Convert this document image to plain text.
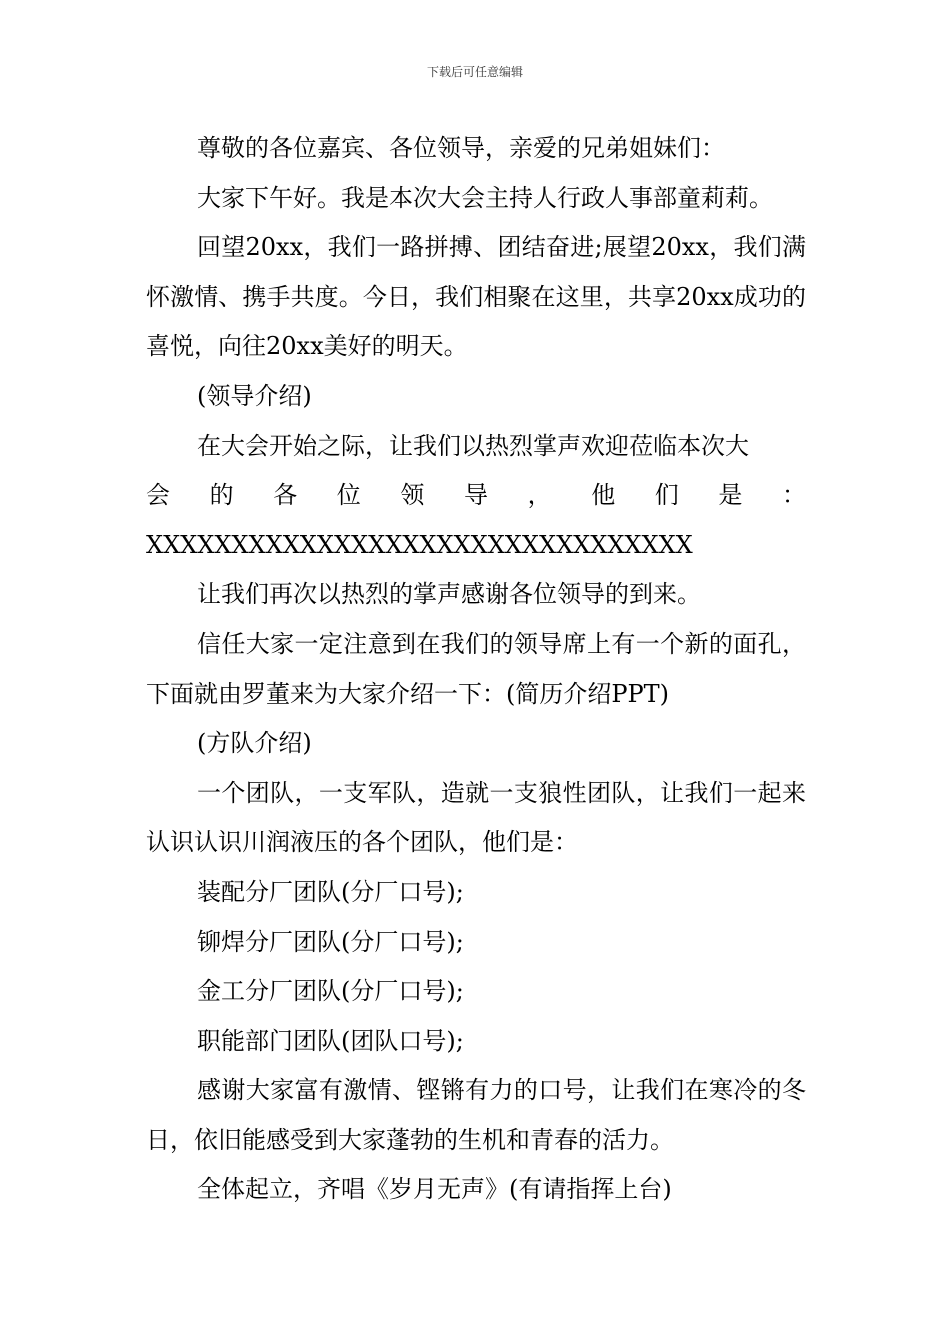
下载后可任意编辑

尊敬的各位嘉宾、各位领导，亲爱的兄弟姐妹们：

大家下午好。我是本次大会主持人行政人事部童莉莉。

回望20xx，我们一路拼搏、团结奋进;展望20xx，我们满怀激情、携手共度。今日，我们相聚在这里，共享20xx成功的喜悦，向往20xx美好的明天。

(领导介绍)

在大会开始之际，让我们以热烈掌声欢迎莅临本次大

会的各位领导，他们是：

XXXXXXXXXXXXXXXXXXXXXXXXXXXXXXXX

让我们再次以热烈的掌声感谢各位领导的到来。

信任大家一定注意到在我们的领导席上有一个新的面孔，下面就由罗董来为大家介绍一下：(简历介绍PPT)

(方队介绍)

一个团队，一支军队，造就一支狼性团队，让我们一起来认识认识川润液压的各个团队，他们是：

装配分厂团队(分厂口号);

铆焊分厂团队(分厂口号);

金工分厂团队(分厂口号);

职能部门团队(团队口号);

感谢大家富有激情、铿锵有力的口号，让我们在寒冷的冬日，依旧能感受到大家蓬勃的生机和青春的活力。

全体起立，齐唱《岁月无声》(有请指挥上台)
